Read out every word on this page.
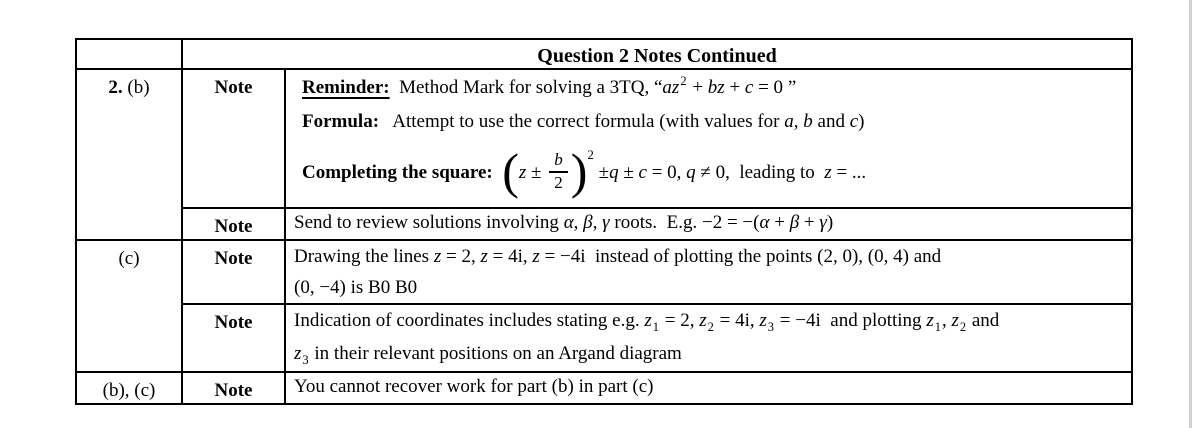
	Question 2 Notes Continued	
2. (b)	Note	Reminder:  Method Mark for solving a 3TQ, “$az^2$ + bz + c = 0 ”
Formula:   Attempt to use the correct formula (with values for a, b and c)
Completing the square:
( $z \pm \frac{b}{2}$ ) 2
± q ± c = 0, q ≠ 0,  leading to z = ...

	Note	Send to review solutions involving α, β, γ roots.  E.g. −2 = −(α + β + γ)

(c)	Note	Drawing the lines z = 2, z = 4i, z = −4i  instead of plotting the points (2, 0), (0, 4) and
(0, −4) is B0 B0

	Note	Indication of coordinates includes stating e.g. $z_1 = 2$, $z_2 = 4i$, $z_3 = -4i$  and plotting $z_1$, $z_2$ and
$z_3$ in their relevant positions on an Argand diagram

(b), (c)	Note	You cannot recover work for part (b) in part (c)
